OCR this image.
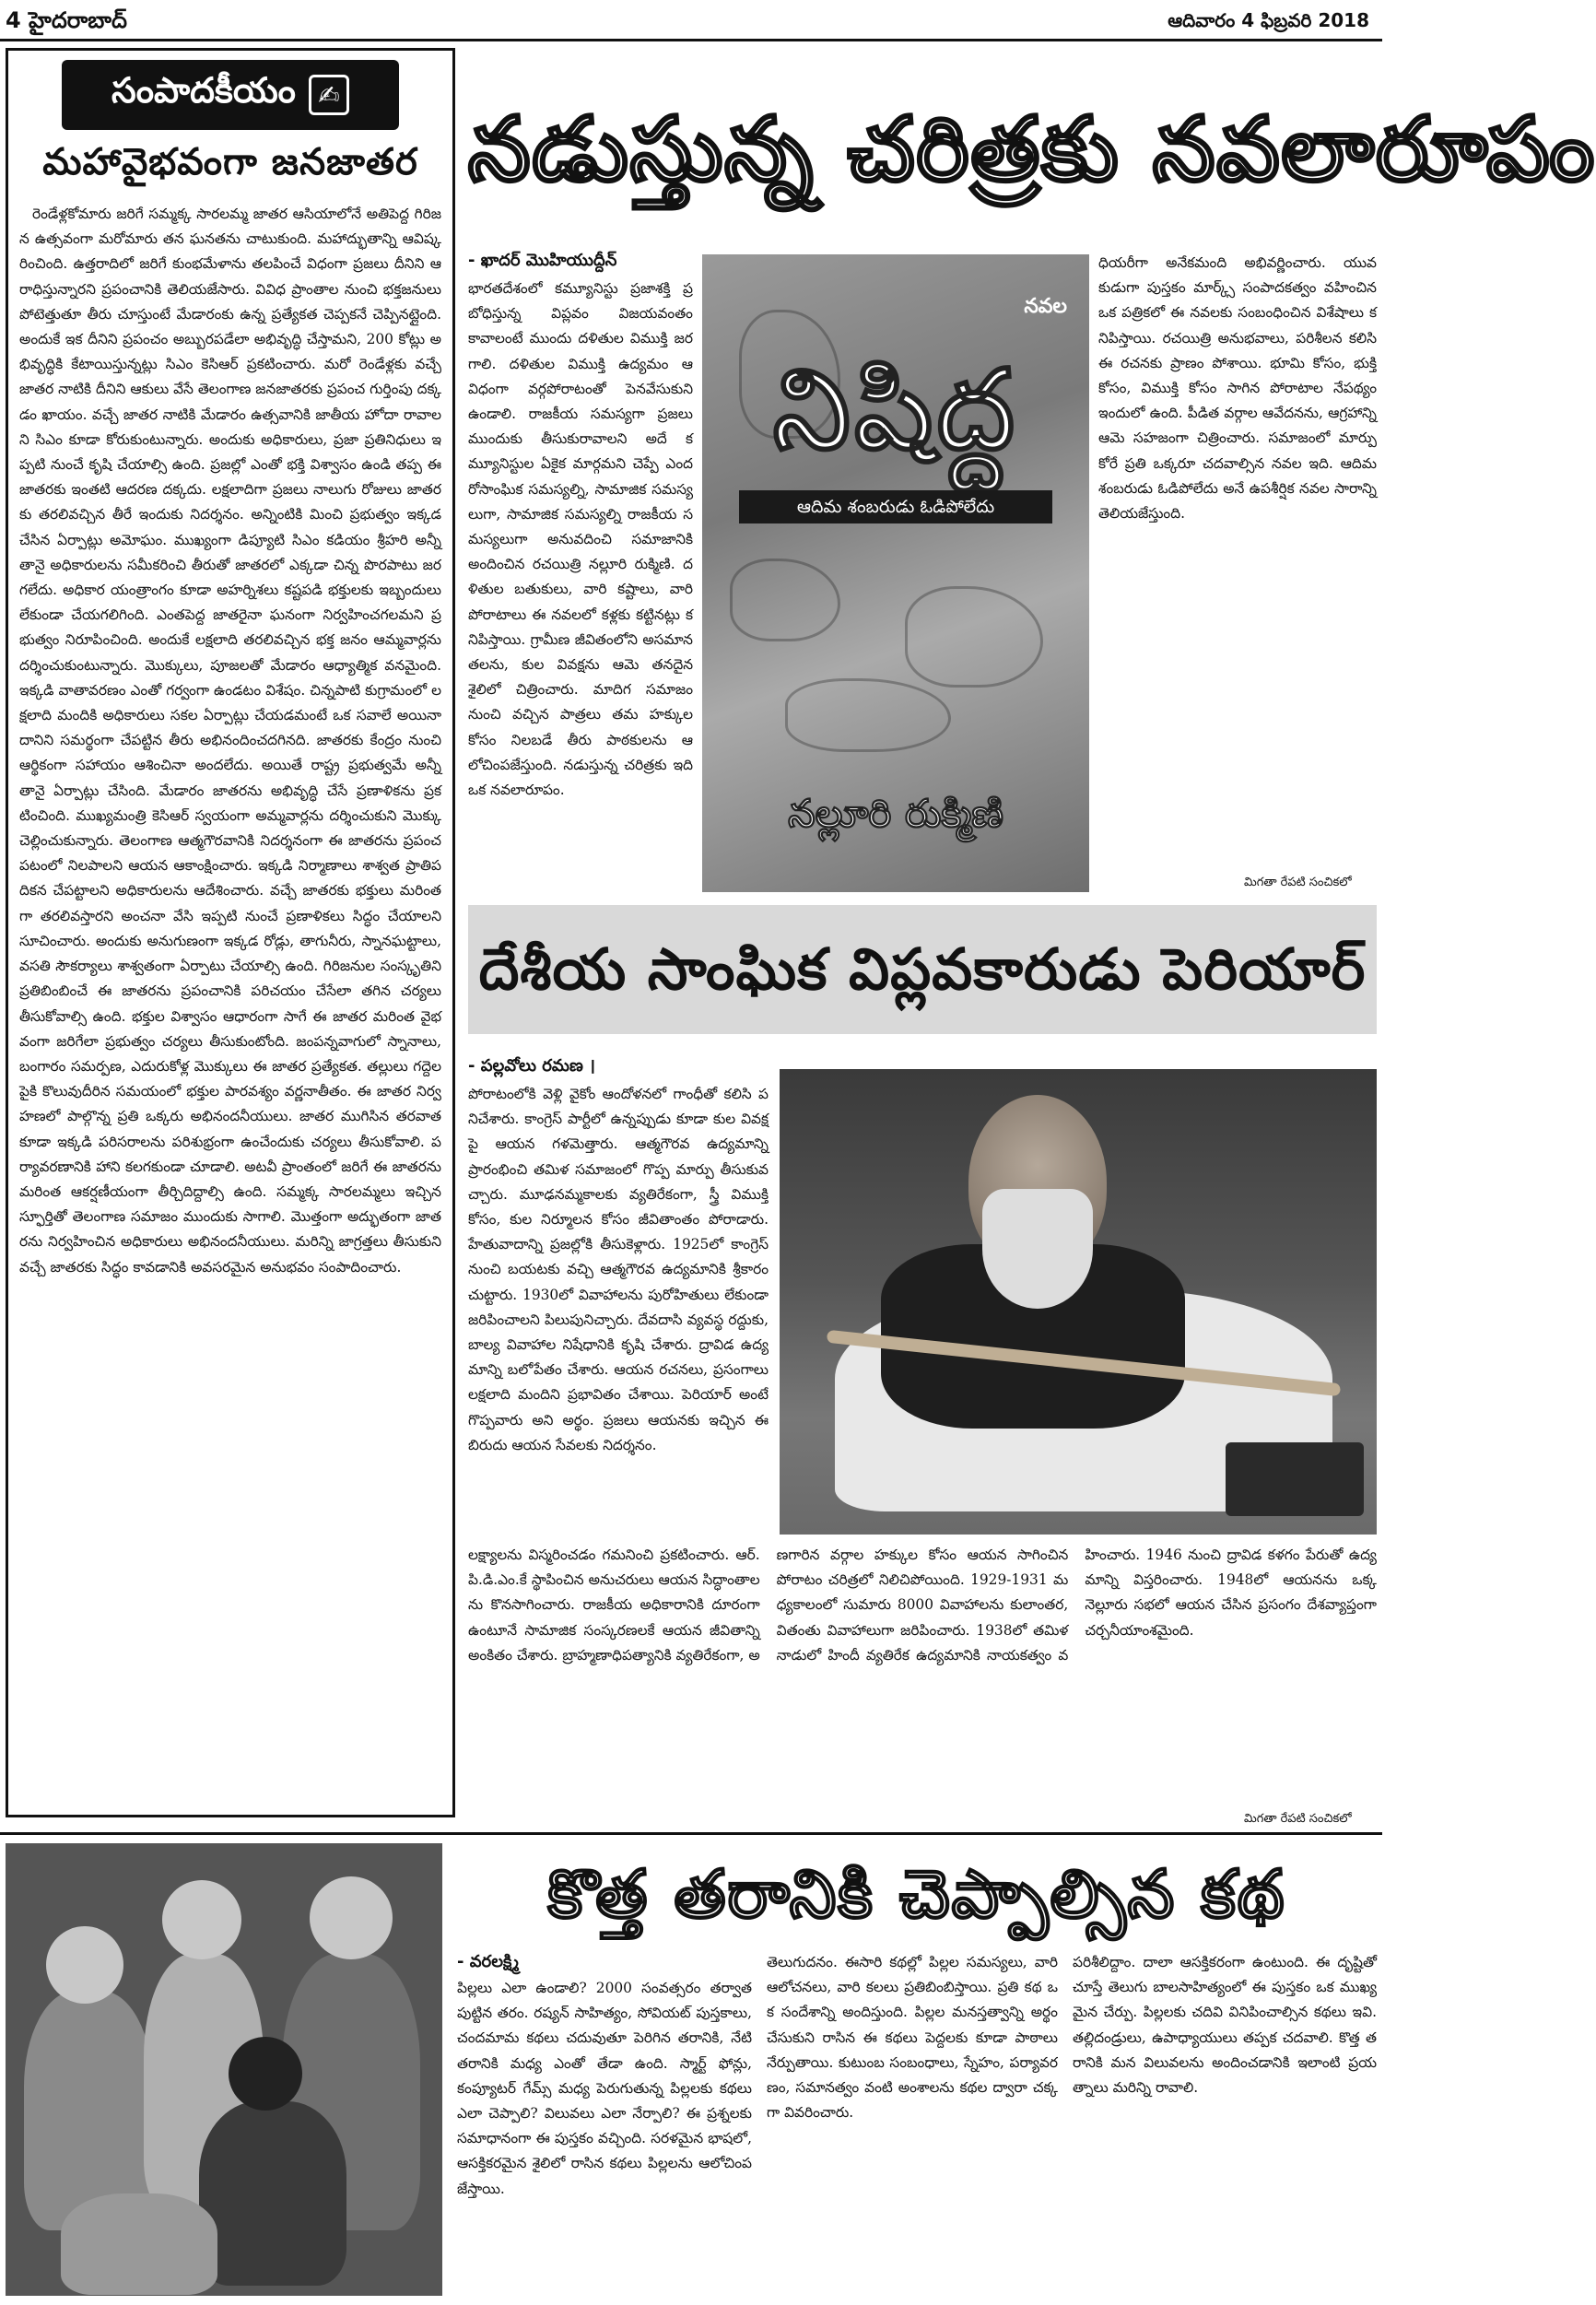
4 హైదరాబాద్	ఆదివారం 4 ఫిబ్రవరి 2018
సంపాదకీయం ✍
మహావైభవంగా జనజాతర

రెండేళ్లకోమారు జరిగే సమ్మక్క సారలమ్మ జాతర ఆసియాలోనే అతిపెద్ద గిరిజన ఉత్సవంగా మరోమారు తన ఘనతను చాటుకుంది. మహాద్భుతాన్ని ఆవిష్కరించింది. ఉత్తరాదిలో జరిగే కుంభమేళాను తలపించే విధంగా ప్రజలు దీనిని ఆరాధిస్తున్నారని ప్రపంచానికి తెలియజేసారు. వివిధ ప్రాంతాల నుంచి భక్తజనులు పోటెత్తుతూ తీరు చూస్తుంటే మేడారంకు ఉన్న ప్రత్యేకత చెప్పకనే చెప్పినట్లైంది. అందుకే ఇక దీనిని ప్రపంచం అబ్బురపడేలా అభివృద్ధి చేస్తామని, 200 కోట్లు అభివృద్ధికి కేటాయిస్తున్నట్లు సిఎం కెసిఆర్ ప్రకటించారు. మరో రెండేళ్లకు వచ్చే జాతర నాటికి దీనిని ఆకులు వేసే తెలంగాణ జనజాతరకు ప్రపంచ గుర్తింపు దక్కడం ఖాయం. వచ్చే జాతర నాటికి మేడారం ఉత్సవానికి జాతీయ హోదా రావాలని సిఎం కూడా కోరుకుంటున్నారు. అందుకు అధికారులు, ప్రజా ప్రతినిధులు ఇప్పటి నుంచే కృషి చేయాల్సి ఉంది. ప్రజల్లో ఎంతో భక్తి విశ్వాసం ఉండి తప్ప ఈ జాతరకు ఇంతటి ఆదరణ దక్కదు. లక్షలాదిగా ప్రజలు నాలుగు రోజులు జాతరకు తరలివచ్చిన తీరే ఇందుకు నిదర్శనం. అన్నింటికి మించి ప్రభుత్వం ఇక్కడ చేసిన ఏర్పాట్లు అమోఘం. ముఖ్యంగా డిప్యూటి సిఎం కడియం శ్రీహరి అన్నీ తానై అధికారులను సమీకరించి తీరుతో జాతరలో ఎక్కడా చిన్న పొరపాటు జరగలేదు. అధికార యంత్రాంగం కూడా అహర్నిశలు కష్టపడి భక్తులకు ఇబ్బందులు లేకుండా చేయగలిగింది. ఎంతపెద్ద జాతరైనా ఘనంగా నిర్వహించగలమని ప్రభుత్వం నిరూపించింది. అందుకే లక్షలాది తరలివచ్చిన భక్త జనం ఆమ్మవార్లను దర్శించుకుంటున్నారు. మొక్కులు, పూజలతో మేడారం ఆధ్యాత్మిక వనమైంది. ఇక్కడి వాతావరణం ఎంతో గర్వంగా ఉండటం విశేషం. చిన్నపాటి కుగ్రామంలో లక్షలాది మందికి అధికారులు సకల ఏర్పాట్లు చేయడమంటే ఒక సవాలే అయినా దానిని సమర్థంగా చేపట్టిన తీరు అభినందించదగినది. జాతరకు కేంద్రం నుంచి ఆర్థికంగా సహాయం ఆశించినా అందలేదు. అయితే రాష్ట్ర ప్రభుత్వమే అన్నీ తానై ఏర్పాట్లు చేసింది. మేడారం జాతరను అభివృద్ధి చేసే ప్రణాళికను ప్రకటించింది. ముఖ్యమంత్రి కెసిఆర్ స్వయంగా అమ్మవార్లను దర్శించుకుని మొక్కు చెల్లించుకున్నారు. తెలంగాణ ఆత్మగౌరవానికి నిదర్శనంగా ఈ జాతరను ప్రపంచ పటంలో నిలపాలని ఆయన ఆకాంక్షించారు. ఇక్కడి నిర్మాణాలు శాశ్వత ప్రాతిపదికన చేపట్టాలని అధికారులను ఆదేశించారు. వచ్చే జాతరకు భక్తులు మరింతగా తరలివస్తారని అంచనా వేసి ఇప్పటి నుంచే ప్రణాళికలు సిద్ధం చేయాలని సూచించారు. అందుకు అనుగుణంగా ఇక్కడ రోడ్లు, తాగునీరు, స్నానఘట్టాలు, వసతి సౌకర్యాలు శాశ్వతంగా ఏర్పాటు చేయాల్సి ఉంది. గిరిజనుల సంస్కృతిని ప్రతిబింబించే ఈ జాతరను ప్రపంచానికి పరిచయం చేసేలా తగిన చర్యలు తీసుకోవాల్సి ఉంది. భక్తుల విశ్వాసం ఆధారంగా సాగే ఈ జాతర మరింత వైభవంగా జరిగేలా ప్రభుత్వం చర్యలు తీసుకుంటోంది. జంపన్నవాగులో స్నానాలు, బంగారం సమర్పణ, ఎదురుకోళ్ల మొక్కులు ఈ జాతర ప్రత్యేకత. తల్లులు గద్దెలపైకి కొలువుదీరిన సమయంలో భక్తుల పారవశ్యం వర్ణనాతీతం. ఈ జాతర నిర్వహణలో పాల్గొన్న ప్రతి ఒక్కరు అభినందనీయులు. జాతర ముగిసిన తరవాత కూడా ఇక్కడి పరిసరాలను పరిశుభ్రంగా ఉంచేందుకు చర్యలు తీసుకోవాలి. పర్యావరణానికి హాని కలగకుండా చూడాలి. అటవీ ప్రాంతంలో జరిగే ఈ జాతరను మరింత ఆకర్షణీయంగా తీర్చిదిద్దాల్సి ఉంది. సమ్మక్క సారలమ్మలు ఇచ్చిన స్ఫూర్తితో తెలంగాణ సమాజం ముందుకు సాగాలి. మొత్తంగా అద్భుతంగా జాతరను నిర్వహించిన అధికారులు అభినందనీయులు. మరిన్ని జాగ్రత్తలు తీసుకుని వచ్చే జాతరకు సిద్ధం కావడానికి అవసరమైన అనుభవం సంపాదించారు.

నడుస్తున్న చరిత్రకు నవలారూపం
- ఖాదర్ మొహియుద్దీన్

భారతదేశంలో కమ్యూనిస్టు ప్రజాశక్తి ప్రబోధిస్తున్న విప్లవం విజయవంతం కావాలంటే ముందు దళితుల విముక్తి జరగాలి. దళితుల విముక్తి ఉద్యమం ఆ విధంగా వర్గపోరాటంతో పెనవేసుకుని ఉండాలి. రాజకీయ సమస్యగా ప్రజలు ముందుకు తీసుకురావాలని అదే కమ్యూనిస్టుల ఏకైక మార్గమని చెప్పే ఎందరోసాంఘిక సమస్యల్ని, సామాజిక సమస్యలుగా, సామాజిక సమస్యల్ని రాజకీయ సమస్యలుగా అనువదించి సమాజానికి అందించిన రచయిత్రి నల్లూరి రుక్మిణి. దళితుల బతుకులు, వారి కష్టాలు, వారి పోరాటాలు ఈ నవలలో కళ్లకు కట్టినట్లు కనిపిస్తాయి. గ్రామీణ జీవితంలోని అసమానతలను, కుల వివక్షను ఆమె తనదైన శైలిలో చిత్రించారు. మాదిగ సమాజం నుంచి వచ్చిన పాత్రలు తమ హక్కుల కోసం నిలబడే తీరు పాఠకులను ఆలోచింపజేస్తుంది. నడుస్తున్న చరిత్రకు ఇది ఒక నవలారూపం.

నవల
నిషిద్ధ
ఆదిమ శంబరుడు ఓడిపోలేదు
నల్లూరి రుక్మిణి

ధియరీగా అనేకమంది అభివర్ణించారు. యువ కుడుగా పుస్తకం మార్క్స్ సంపాదకత్వం వహించిన ఒక పత్రికలో ఈ నవలకు సంబంధించిన విశేషాలు కనిపిస్తాయి. రచయిత్రి అనుభవాలు, పరిశీలన కలిసి ఈ రచనకు ప్రాణం పోశాయి. భూమి కోసం, భుక్తి కోసం, విముక్తి కోసం సాగిన పోరాటాల నేపథ్యం ఇందులో ఉంది. పీడిత వర్గాల ఆవేదనను, ఆగ్రహాన్ని ఆమె సహజంగా చిత్రించారు. సమాజంలో మార్పు కోరే ప్రతి ఒక్కరూ చదవాల్సిన నవల ఇది. ఆదిమ శంబరుడు ఓడిపోలేదు అనే ఉపశీర్షిక నవల సారాన్ని తెలియజేస్తుంది.

మిగతా రేపటి సంచికలో
దేశీయ సాంఘిక విప్లవకారుడు పెరియార్
- పల్లవోలు రమణ ।

పోరాటంలోకి వెళ్లి వైకోం ఆందోళనలో గాంధీతో కలిసి పనిచేశారు. కాంగ్రెస్ పార్టీలో ఉన్నప్పుడు కూడా కుల వివక్షపై ఆయన గళమెత్తారు. ఆత్మగౌరవ ఉద్యమాన్ని ప్రారంభించి తమిళ సమాజంలో గొప్ప మార్పు తీసుకువచ్చారు. మూఢనమ్మకాలకు వ్యతిరేకంగా, స్త్రీ విముక్తి కోసం, కుల నిర్మూలన కోసం జీవితాంతం పోరాడారు. హేతువాదాన్ని ప్రజల్లోకి తీసుకెళ్లారు. 1925లో కాంగ్రెస్ నుంచి బయటకు వచ్చి ఆత్మగౌరవ ఉద్యమానికి శ్రీకారం చుట్టారు. 1930లో వివాహాలను పురోహితులు లేకుండా జరిపించాలని పిలుపునిచ్చారు. దేవదాసి వ్యవస్థ రద్దుకు, బాల్య వివాహాల నిషేధానికి కృషి చేశారు. ద్రావిడ ఉద్యమాన్ని బలోపేతం చేశారు. ఆయన రచనలు, ప్రసంగాలు లక్షలాది మందిని ప్రభావితం చేశాయి. పెరియార్ అంటే గొప్పవారు అని అర్థం. ప్రజలు ఆయనకు ఇచ్చిన ఈ బిరుదు ఆయన సేవలకు నిదర్శనం.

లక్ష్యాలను విస్మరించడం గమనించి ప్రకటించారు. ఆర్.పి.డి.ఎం.కే స్థాపించిన అనుచరులు ఆయన సిద్ధాంతాలను కొనసాగించారు. రాజకీయ అధికారానికి దూరంగా ఉంటూనే సామాజిక సంస్కరణలకే ఆయన జీవితాన్ని అంకితం చేశారు. బ్రాహ్మణాధిపత్యానికి వ్యతిరేకంగా, అణగారిన వర్గాల హక్కుల కోసం ఆయన సాగించిన పోరాటం చరిత్రలో నిలిచిపోయింది. 1929-1931 మధ్యకాలంలో సుమారు 8000 వివాహాలను కులాంతర, వితంతు వివాహాలుగా జరిపించారు. 1938లో తమిళనాడులో హిందీ వ్యతిరేక ఉద్యమానికి నాయకత్వం వహించారు. 1946 నుంచి ద్రావిడ కళగం పేరుతో ఉద్యమాన్ని విస్తరించారు. 1948లో ఆయనను ఒక్క నెల్లూరు సభలో ఆయన చేసిన ప్రసంగం దేశవ్యాప్తంగా చర్చనీయాంశమైంది.

మిగతా రేపటి సంచికలో
కొత్త తరానికి చెప్పాల్సిన కథ
- వరలక్ష్మి

పిల్లలు ఎలా ఉండాలి? 2000 సంవత్సరం తర్వాత పుట్టిన తరం. రష్యన్ సాహిత్యం, సోవియట్ పుస్తకాలు, చందమామ కథలు చదువుతూ పెరిగిన తరానికి, నేటి తరానికి మధ్య ఎంతో తేడా ఉంది. స్మార్ట్ ఫోన్లు, కంప్యూటర్ గేమ్స్ మధ్య పెరుగుతున్న పిల్లలకు కథలు ఎలా చెప్పాలి? విలువలు ఎలా నేర్పాలి? ఈ ప్రశ్నలకు సమాధానంగా ఈ పుస్తకం వచ్చింది. సరళమైన భాషలో, ఆసక్తికరమైన శైలిలో రాసిన కథలు పిల్లలను ఆలోచింపజేస్తాయి.

తెలుగుదనం. ఈసారి కథల్లో పిల్లల సమస్యలు, వారి ఆలోచనలు, వారి కలలు ప్రతిబింబిస్తాయి. ప్రతి కథ ఒక సందేశాన్ని అందిస్తుంది. పిల్లల మనస్తత్వాన్ని అర్థం చేసుకుని రాసిన ఈ కథలు పెద్దలకు కూడా పాఠాలు నేర్పుతాయి. కుటుంబ సంబంధాలు, స్నేహం, పర్యావరణం, సమానత్వం వంటి అంశాలను కథల ద్వారా చక్కగా వివరించారు.

పరిశీలిద్దాం. దాలా ఆసక్తికరంగా ఉంటుంది. ఈ దృష్టితో చూస్తే తెలుగు బాలసాహిత్యంలో ఈ పుస్తకం ఒక ముఖ్యమైన చేర్పు. పిల్లలకు చదివి వినిపించాల్సిన కథలు ఇవి. తల్లిదండ్రులు, ఉపాధ్యాయులు తప్పక చదవాలి. కొత్త తరానికి మన విలువలను అందించడానికి ఇలాంటి ప్రయత్నాలు మరిన్ని రావాలి.
